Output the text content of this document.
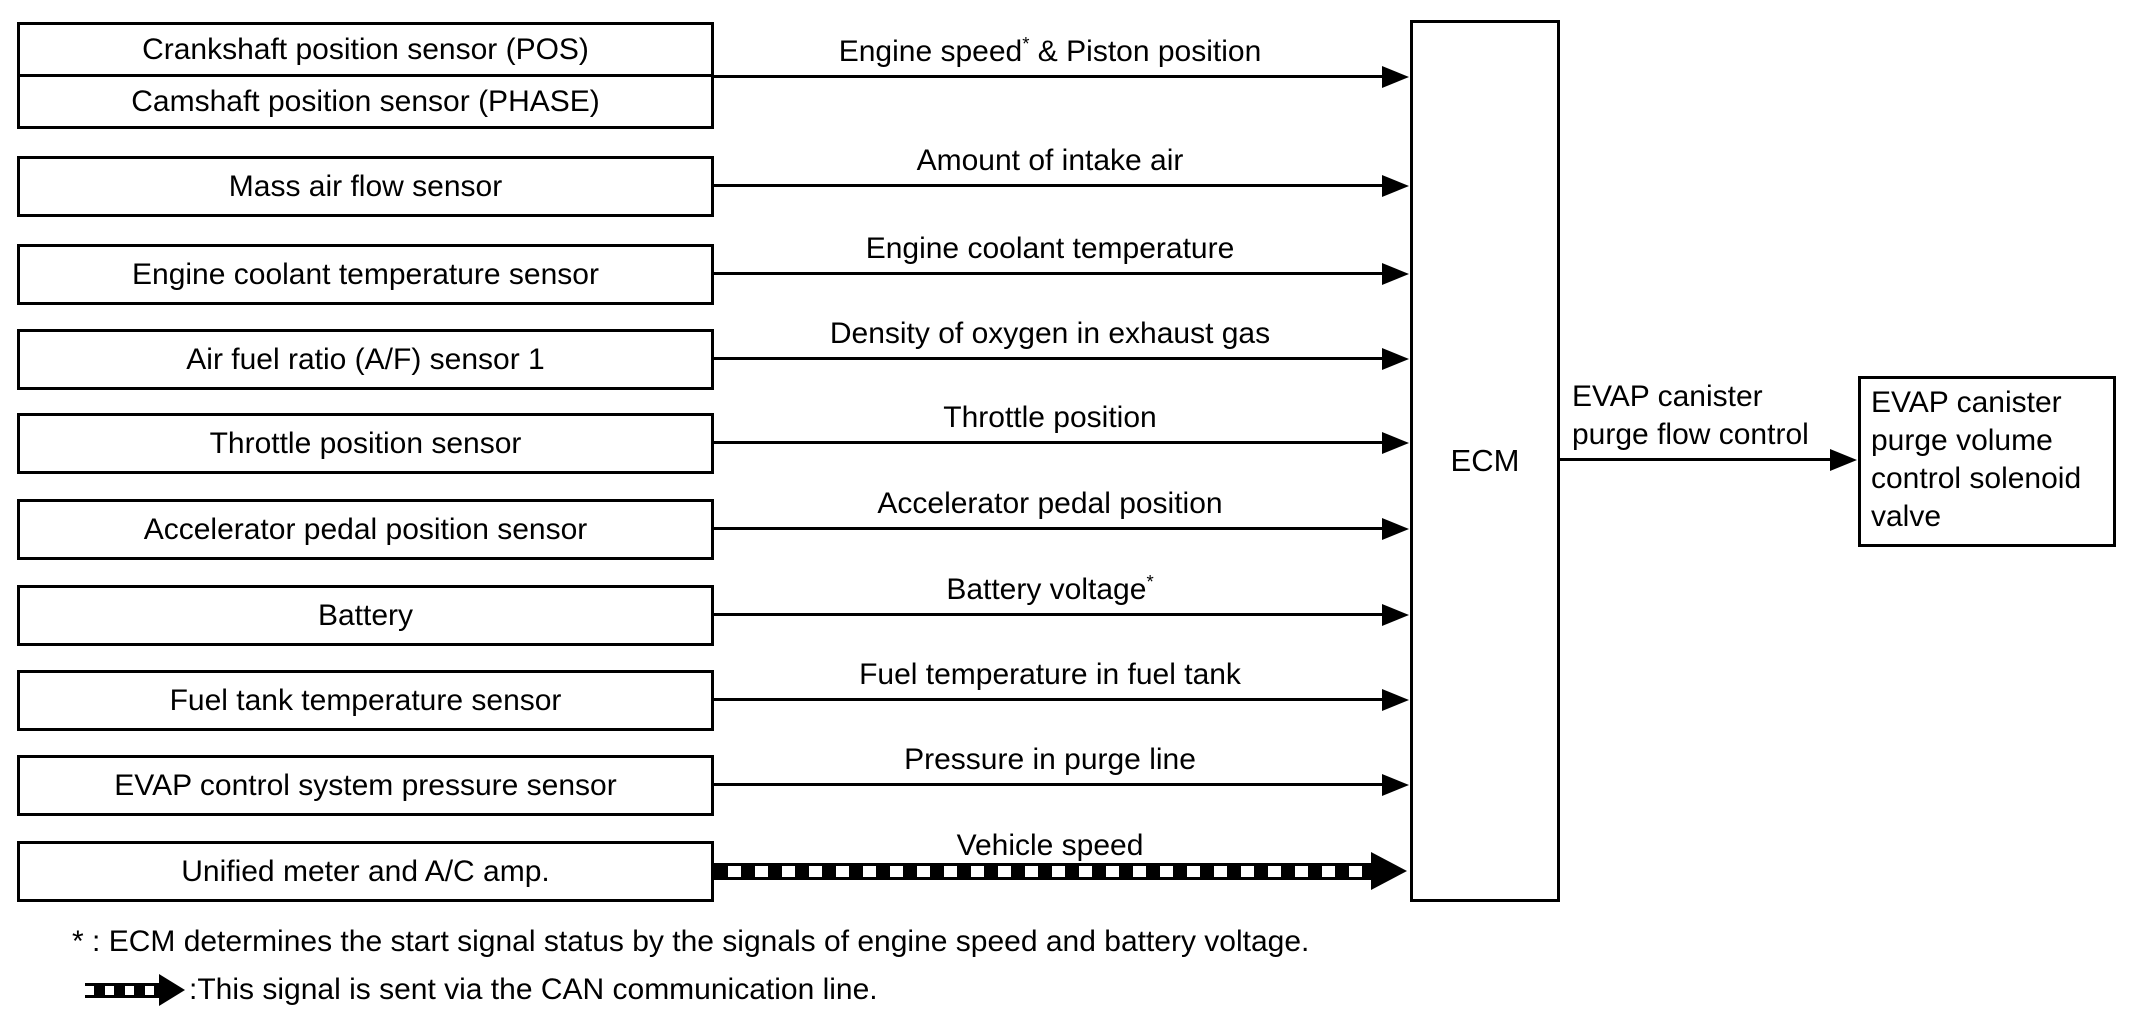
Crankshaft position sensor (POS)
Camshaft position sensor (PHASE)
Mass air flow sensor
Engine coolant temperature sensor
Air fuel ratio (A/F) sensor 1
Throttle position sensor
Accelerator pedal position sensor
Battery
Fuel tank temperature sensor
EVAP control system pressure sensor
Unified meter and A/C amp.
Engine speed* & Piston position
Amount of intake air
Engine coolant temperature
Density of oxygen in exhaust gas
Throttle position
Accelerator pedal position
Battery voltage*
Fuel temperature in fuel tank
Pressure in purge line
Vehicle speed
ECM
EVAP canister purge flow control
EVAP canister purge volume control solenoid valve
* : ECM determines the start signal status by the signals of engine speed and battery voltage.
: This signal is sent via the CAN communication line.
